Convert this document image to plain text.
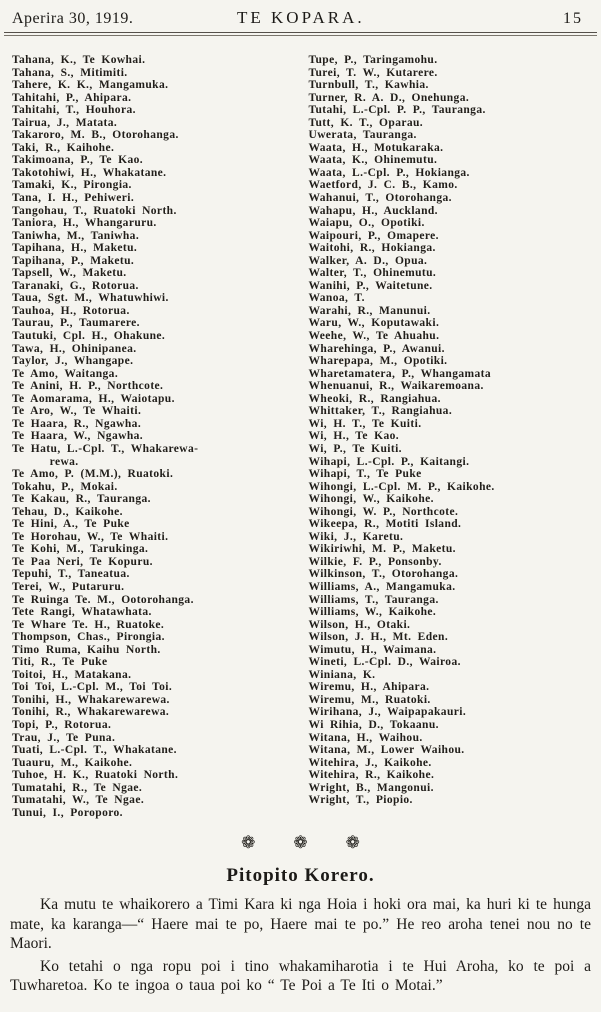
Aperira 30, 1919.	TE KOPARA.	15
Tahana, K., Te Kowhai.
Tahana, S., Mitimiti.
Tahere, K. K., Mangamuka.
Tahitahi, P., Ahipara.
Tahitahi, T., Houhora.
Tairua, J., Matata.
Takaroro, M. B., Otorohanga.
Taki, R., Kaihohe.
Takimoana, P., Te Kao.
Takotohiwi, H., Whakatane.
Tamaki, K., Pirongia.
Tana, I. H., Pehiweri.
Tangohau, T., Ruatoki North.
Taniora, H., Whangaruru.
Taniwha, M., Taniwha.
Tapihana, H., Maketu.
Tapihana, P., Maketu.
Tapsell, W., Maketu.
Taranaki, G., Rotorua.
Taua, Sgt. M., Whatuwhiwi.
Tauhoa, H., Rotorua.
Taurau, P., Taumarere.
Tautuki, Cpl. H., Ohakune.
Tawa, H., Ohinipanea.
Taylor, J., Whangape.
Te Amo, Waitanga.
Te Anini, H. P., Northcote.
Te Aomarama, H., Waiotapu.
Te Aro, W., Te Whaiti.
Te Haara, R., Ngawha.
Te Haara, W., Ngawha.
Te Hatu, L.-Cpl. T., Whakarewa-
rewa.
Te Amo, P. (M.M.), Ruatoki.
Tokahu, P., Mokai.
Te Kakau, R., Tauranga.
Tehau, D., Kaikohe.
Te Hini, A., Te Puke
Te Horohau, W., Te Whaiti.
Te Kohi, M., Tarukinga.
Te Paa Neri, Te Kopuru.
Tepuhi, T., Taneatua.
Terei, W., Putaruru.
Te Ruinga Te. M., Ootorohanga.
Tete Rangi, Whatawhata.
Te Whare Te. H., Ruatoke.
Thompson, Chas., Pirongia.
Timo Ruma, Kaihu North.
Titi, R., Te Puke
Toitoi, H., Matakana.
Toi Toi, L.-Cpl. M., Toi Toi.
Tonihi, H., Whakarewarewa.
Tonihi, R., Whakarewarewa.
Topi, P., Rotorua.
Trau, J., Te Puna.
Tuati, L.-Cpl. T., Whakatane.
Tuauru, M., Kaikohe.
Tuhoe, H. K., Ruatoki North.
Tumatahi, R., Te Ngae.
Tumatahi, W., Te Ngae.
Tunui, I., Poroporo.
Tupe, P., Taringamohu.
Turei, T. W., Kutarere.
Turnbull, T., Kawhia.
Turner, R. A. D., Onehunga.
Tutahi, L.-Cpl. P. P., Tauranga.
Tutt, K. T., Oparau.
Uwerata, Tauranga.
Waata, H., Motukaraka.
Waata, K., Ohinemutu.
Waata, L.-Cpl. P., Hokianga.
Waetford, J. C. B., Kamo.
Wahanui, T., Otorohanga.
Wahapu, H., Auckland.
Waiapu, O., Opotiki.
Waipouri, P., Omapere.
Waitohi, R., Hokianga.
Walker, A. D., Opua.
Walter, T., Ohinemutu.
Wanihi, P., Waitetune.
Wanoa, T.
Warahi, R., Manunui.
Waru, W., Koputawaki.
Weehe, W., Te Ahuahu.
Wharehinga, P., Awanui.
Wharepapa, M., Opotiki.
Wharetamatera, P., Whangamata
Whenuanui, R., Waikaremoana.
Wheoki, R., Rangiahua.
Whittaker, T., Rangiahua.
Wi, H. T., Te Kuiti.
Wi, H., Te Kao.
Wi, P., Te Kuiti.
Wihapi, L.-Cpl. P., Kaitangi.
Wihapi, T., Te Puke
Wihongi, L.-Cpl. M. P., Kaikohe.
Wihongi, W., Kaikohe.
Wihongi, W. P., Northcote.
Wikeepa, R., Motiti Island.
Wiki, J., Karetu.
Wikiriwhi, M. P., Maketu.
Wilkie, F. P., Ponsonby.
Wilkinson, T., Otorohanga.
Williams, A., Mangamuka.
Williams, T., Tauranga.
Williams, W., Kaikohe.
Wilson, H., Otaki.
Wilson, J. H., Mt. Eden.
Wimutu, H., Waimana.
Wineti, L.-Cpl. D., Wairoa.
Winiana, K.
Wiremu, H., Ahipara.
Wiremu, M., Ruatoki.
Wirihana, J., Waipapakauri.
Wi Rihia, D., Tokaanu.
Witana, H., Waihou.
Witana, M., Lower Waihou.
Witehira, J., Kaikohe.
Witehira, R., Kaikohe.
Wright, B., Mangonui.
Wright, T., Piopio.
❁❁❁
Pitopito Korero.

Ka mutu te whaikorero a Timi Kara ki nga Hoia i hoki ora mai, ka huri ki te hunga mate, ka karanga—“ Haere mai te po, Haere mai te po.” He reo aroha tenei nou no te Maori.

Ko tetahi o nga ropu poi i tino whakamiharotia i te Hui Aroha, ko te poi a Tuwharetoa. Ko te ingoa o taua poi ko “ Te Poi a Te Iti o Motai.”
